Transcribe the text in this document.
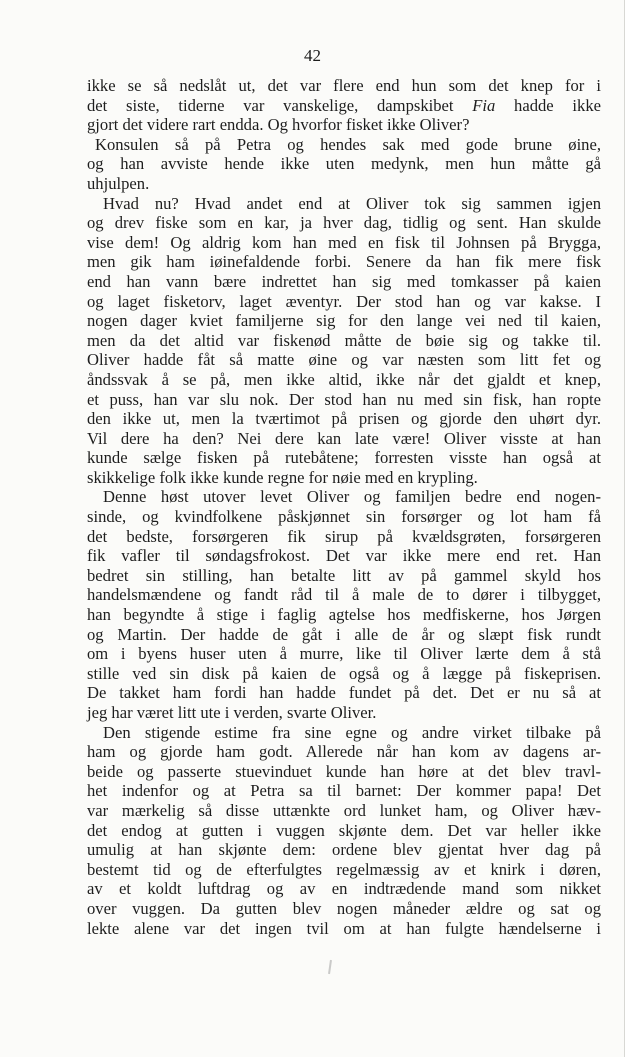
42
ikke se så nedslåt ut, det var flere end hun som det knep for i
det siste, tiderne var vanskelige, dampskibet Fia hadde ikke
gjort det videre rart endda. Og hvorfor fisket ikke Oliver?
Konsulen så på Petra og hendes sak med gode brune øine,
og han avviste hende ikke uten medynk, men hun måtte gå
uhjulpen.
Hvad nu? Hvad andet end at Oliver tok sig sammen igjen
og drev fiske som en kar, ja hver dag, tidlig og sent. Han skulde
vise dem! Og aldrig kom han med en fisk til Johnsen på Brygga,
men gik ham iøinefaldende forbi. Senere da han fik mere fisk
end han vann bære indrettet han sig med tomkasser på kaien
og laget fisketorv, laget æventyr. Der stod han og var kakse. I
nogen dager kviet familjerne sig for den lange vei ned til kaien,
men da det altid var fiskenød måtte de bøie sig og takke til.
Oliver hadde fåt så matte øine og var næsten som litt fet og
åndssvak å se på, men ikke altid, ikke når det gjaldt et knep,
et puss, han var slu nok. Der stod han nu med sin fisk, han ropte
den ikke ut, men la tværtimot på prisen og gjorde den uhørt dyr.
Vil dere ha den? Nei dere kan late være! Oliver visste at han
kunde sælge fisken på rutebåtene; forresten visste han også at
skikkelige folk ikke kunde regne for nøie med en krypling.
Denne høst utover levet Oliver og familjen bedre end nogen-
sinde, og kvindfolkene påskjønnet sin forsørger og lot ham få
det bedste, forsørgeren fik sirup på kvældsgrøten, forsørgeren
fik vafler til søndagsfrokost. Det var ikke mere end ret. Han
bedret sin stilling, han betalte litt av på gammel skyld hos
handelsmændene og fandt råd til å male de to dører i tilbygget,
han begyndte å stige i faglig agtelse hos medfiskerne, hos Jørgen
og Martin. Der hadde de gåt i alle de år og slæpt fisk rundt
om i byens huser uten å murre, like til Oliver lærte dem å stå
stille ved sin disk på kaien de også og å lægge på fiskeprisen.
De takket ham fordi han hadde fundet på det. Det er nu så at
jeg har været litt ute i verden, svarte Oliver.
Den stigende estime fra sine egne og andre virket tilbake på
ham og gjorde ham godt. Allerede når han kom av dagens ar-
beide og passerte stuevinduet kunde han høre at det blev travl-
het indenfor og at Petra sa til barnet: Der kommer papa! Det
var mærkelig så disse uttænkte ord lunket ham, og Oliver hæv-
det endog at gutten i vuggen skjønte dem. Det var heller ikke
umulig at han skjønte dem: ordene blev gjentat hver dag på
bestemt tid og de efterfulgtes regelmæssig av et knirk i døren,
av et koldt luftdrag og av en indtrædende mand som nikket
over vuggen. Da gutten blev nogen måneder ældre og sat og
lekte alene var det ingen tvil om at han fulgte hændelserne i
